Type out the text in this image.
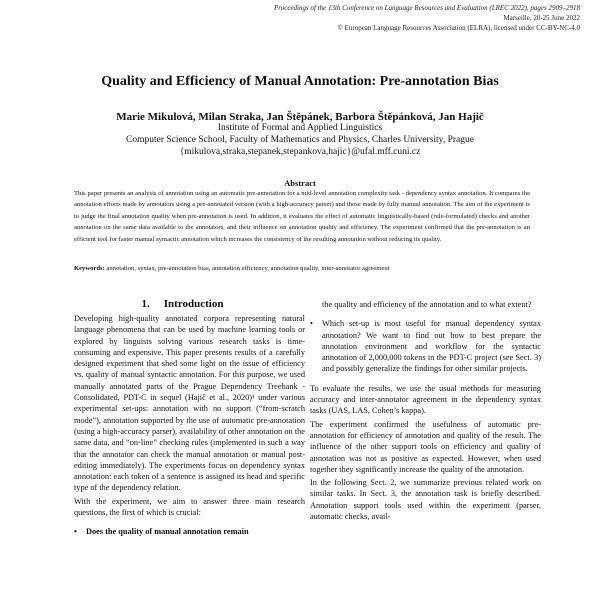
Proceedings of the 13th Conference on Language Resources and Evaluation (LREC 2022), pages 2909–2918
Marseille, 20-25 June 2022
© European Language Resources Association (ELRA), licensed under CC-BY-NC-4.0
Quality and Efficiency of Manual Annotation: Pre-annotation Bias
Marie Mikulová, Milan Straka, Jan Štěpánek, Barbora Štěpánková, Jan Hajič
Institute of Formal and Applied Linguistics
Computer Science School, Faculty of Mathematics and Physics, Charles University, Prague
{mikulova,straka,stepanek,stepankova,hajic}@ufal.mff.cuni.cz
Abstract

This paper presents an analysis of annotation using an automatic pre-annotation for a mid-level annotation complexity task - dependency syntax annotation. It compares the annotation efforts made by annotators using a pre-annotated version (with a high-accuracy parser) and those made by fully manual annotation. The aim of the experiment is to judge the final annotation quality when pre-annotation is used. In addition, it evaluates the effect of automatic linguistically-based (rule-formulated) checks and another annotation on the same data available to the annotators, and their influence on annotation quality and efficiency. The experiment confirmed that the pre-annotation is an efficient tool for faster manual syntactic annotation which increases the consistency of the resulting annotation without reducing its quality.

Keywords: annotation, syntax, pre-annotation bias, annotation efficiency, annotation quality, inter-annotator agreement
1. Introduction

Developing high-quality annotated corpora representing natural language phenomena that can be used by machine learning tools or explored by linguists solving various research tasks is time-consuming and expensive. This paper presents results of a carefully designed experiment that shed some light on the issue of efficiency vs. quality of manual syntactic annotation. For this purpose, we used manually annotated parts of the Prague Dependency Treebank - Consolidated, PDT-C in sequel (Hajič et al., 2020)¹ under various experimental set-ups: annotation with no support (“from-scratch mode”), annotation supported by the use of automatic pre-annotation (using a high-accuracy parser), availability of other annotation on the same data, and “on-line” checking rules (implemented in such a way that the annotator can check the manual annotation or manual post-editing immediately). The experiments focus on dependency syntax annotation: each token of a sentence is assigned its head and specific type of the dependency relation.

With the experiment, we aim to answer three main research questions, the first of which is crucial:

•	Does the quality of manual annotation remain

the quality and efficiency of the annotation and to what extent?

•	Which set-up is most useful for manual dependency syntax annotation? We want to find out how to best prepare the annotation environment and workflow for the syntactic annotation of 2,000,000 tokens in the PDT-C project (see Sect. 3) and possibly generalize the findings for other similar projects.

To evaluate the results, we use the usual methods for measuring accuracy and inter-annotator agreement in the dependency syntax tasks (UAS, LAS, Cohen’s kappa).

The experiment confirmed the usefulness of automatic pre-annotation for efficiency of annotation and quality of the result. The influence of the other support tools on efficiency and quality of annotation was not as positive as expected. However, when used together they significantly increase the quality of the annotation.

In the following Sect. 2, we summarize previous related work on similar tasks. In Sect. 3, the annotation task is briefly described. Annotation support tools used within the experiment (parser, automatic checks, avail-
